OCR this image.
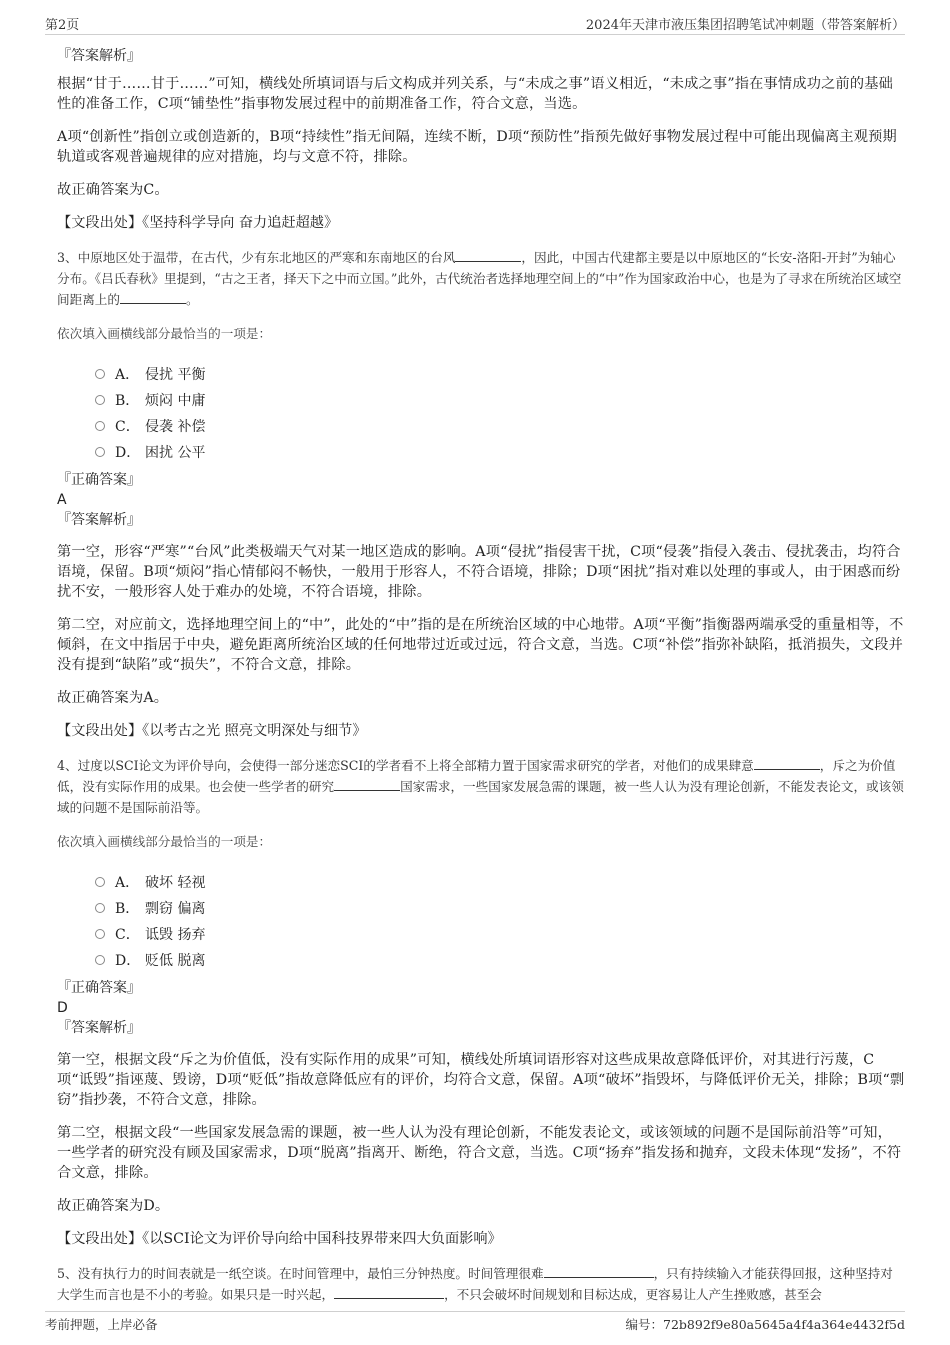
第2页	2024年天津市液压集团招聘笔试冲刺题（带答案解析）
『答案解析』

根据“甘于……甘于……”可知，横线处所填词语与后文构成并列关系，与“未成之事”语义相近，“未成之事”指在事情成功之前的基础性的准备工作，C项“铺垫性”指事物发展过程中的前期准备工作，符合文意，当选。

A项“创新性”指创立或创造新的，B项“持续性”指无间隔，连续不断，D项“预防性”指预先做好事物发展过程中可能出现偏离主观预期轨道或客观普遍规律的应对措施，均与文意不符，排除。

故正确答案为C。

【文段出处】《坚持科学导向 奋力追赶超越》

3、中原地区处于温带，在古代，少有东北地区的严寒和东南地区的台风	，因此，中国古代建都主要是以中原地区的“长安-洛阳-开封”为轴心分布。《吕氏春秋》里提到，“古之王者，择天下之中而立国。”此外，古代统治者选择地理空间上的“中”作为国家政治中心，也是为了寻求在所统治区域空间距离上的	。

依次填入画横线部分最恰当的一项是：

A． 侵扰 平衡
B． 烦闷 中庸
C． 侵袭 补偿
D． 困扰 公平
『正确答案』
A
『答案解析』

第一空，形容“严寒”“台风”此类极端天气对某一地区造成的影响。A项“侵扰”指侵害干扰，C项“侵袭”指侵入袭击、侵扰袭击，均符合语境，保留。B项“烦闷”指心情郁闷不畅快，一般用于形容人，不符合语境，排除；D项“困扰”指对难以处理的事或人，由于困惑而纷扰不安，一般形容人处于难办的处境，不符合语境，排除。

第二空，对应前文，选择地理空间上的“中”，此处的“中”指的是在所统治区域的中心地带。A项“平衡”指衡器两端承受的重量相等，不倾斜，在文中指居于中央，避免距离所统治区域的任何地带过近或过远，符合文意，当选。C项“补偿”指弥补缺陷，抵消损失，文段并没有提到“缺陷”或“损失”，不符合文意，排除。

故正确答案为A。

【文段出处】《以考古之光 照亮文明深处与细节》

4、过度以SCI论文为评价导向，会使得一部分迷恋SCI的学者看不上将全部精力置于国家需求研究的学者，对他们的成果肆意	，斥之为价值低，没有实际作用的成果。也会使一些学者的研究	国家需求，一些国家发展急需的课题，被一些人认为没有理论创新，不能发表论文，或该领域的问题不是国际前沿等。

依次填入画横线部分最恰当的一项是：

A． 破坏 轻视
B． 剽窃 偏离
C． 诋毁 扬弃
D． 贬低 脱离
『正确答案』
D
『答案解析』

第一空，根据文段“斥之为价值低，没有实际作用的成果”可知，横线处所填词语形容对这些成果故意降低评价，对其进行污蔑，C项“诋毁”指诬蔑、毁谤，D项“贬低”指故意降低应有的评价，均符合文意，保留。A项“破坏”指毁坏，与降低评价无关，排除；B项“剽窃”指抄袭，不符合文意，排除。

第二空，根据文段“一些国家发展急需的课题，被一些人认为没有理论创新，不能发表论文，或该领域的问题不是国际前沿等”可知，一些学者的研究没有顾及国家需求，D项“脱离”指离开、断绝，符合文意，当选。C项“扬弃”指发扬和抛弃，文段未体现“发扬”，不符合文意，排除。

故正确答案为D。

【文段出处】《以SCI论文为评价导向给中国科技界带来四大负面影响》

5、没有执行力的时间表就是一纸空谈。在时间管理中，最怕三分钟热度。时间管理很难	，只有持续输入才能获得回报，这种坚持对大学生而言也是不小的考验。如果只是一时兴起，	，不只会破坏时间规划和目标达成，更容易让人产生挫败感，甚至会

考前押题，上岸必备	编号：72b892f9e80a5645a4f4a364e4432f5d
